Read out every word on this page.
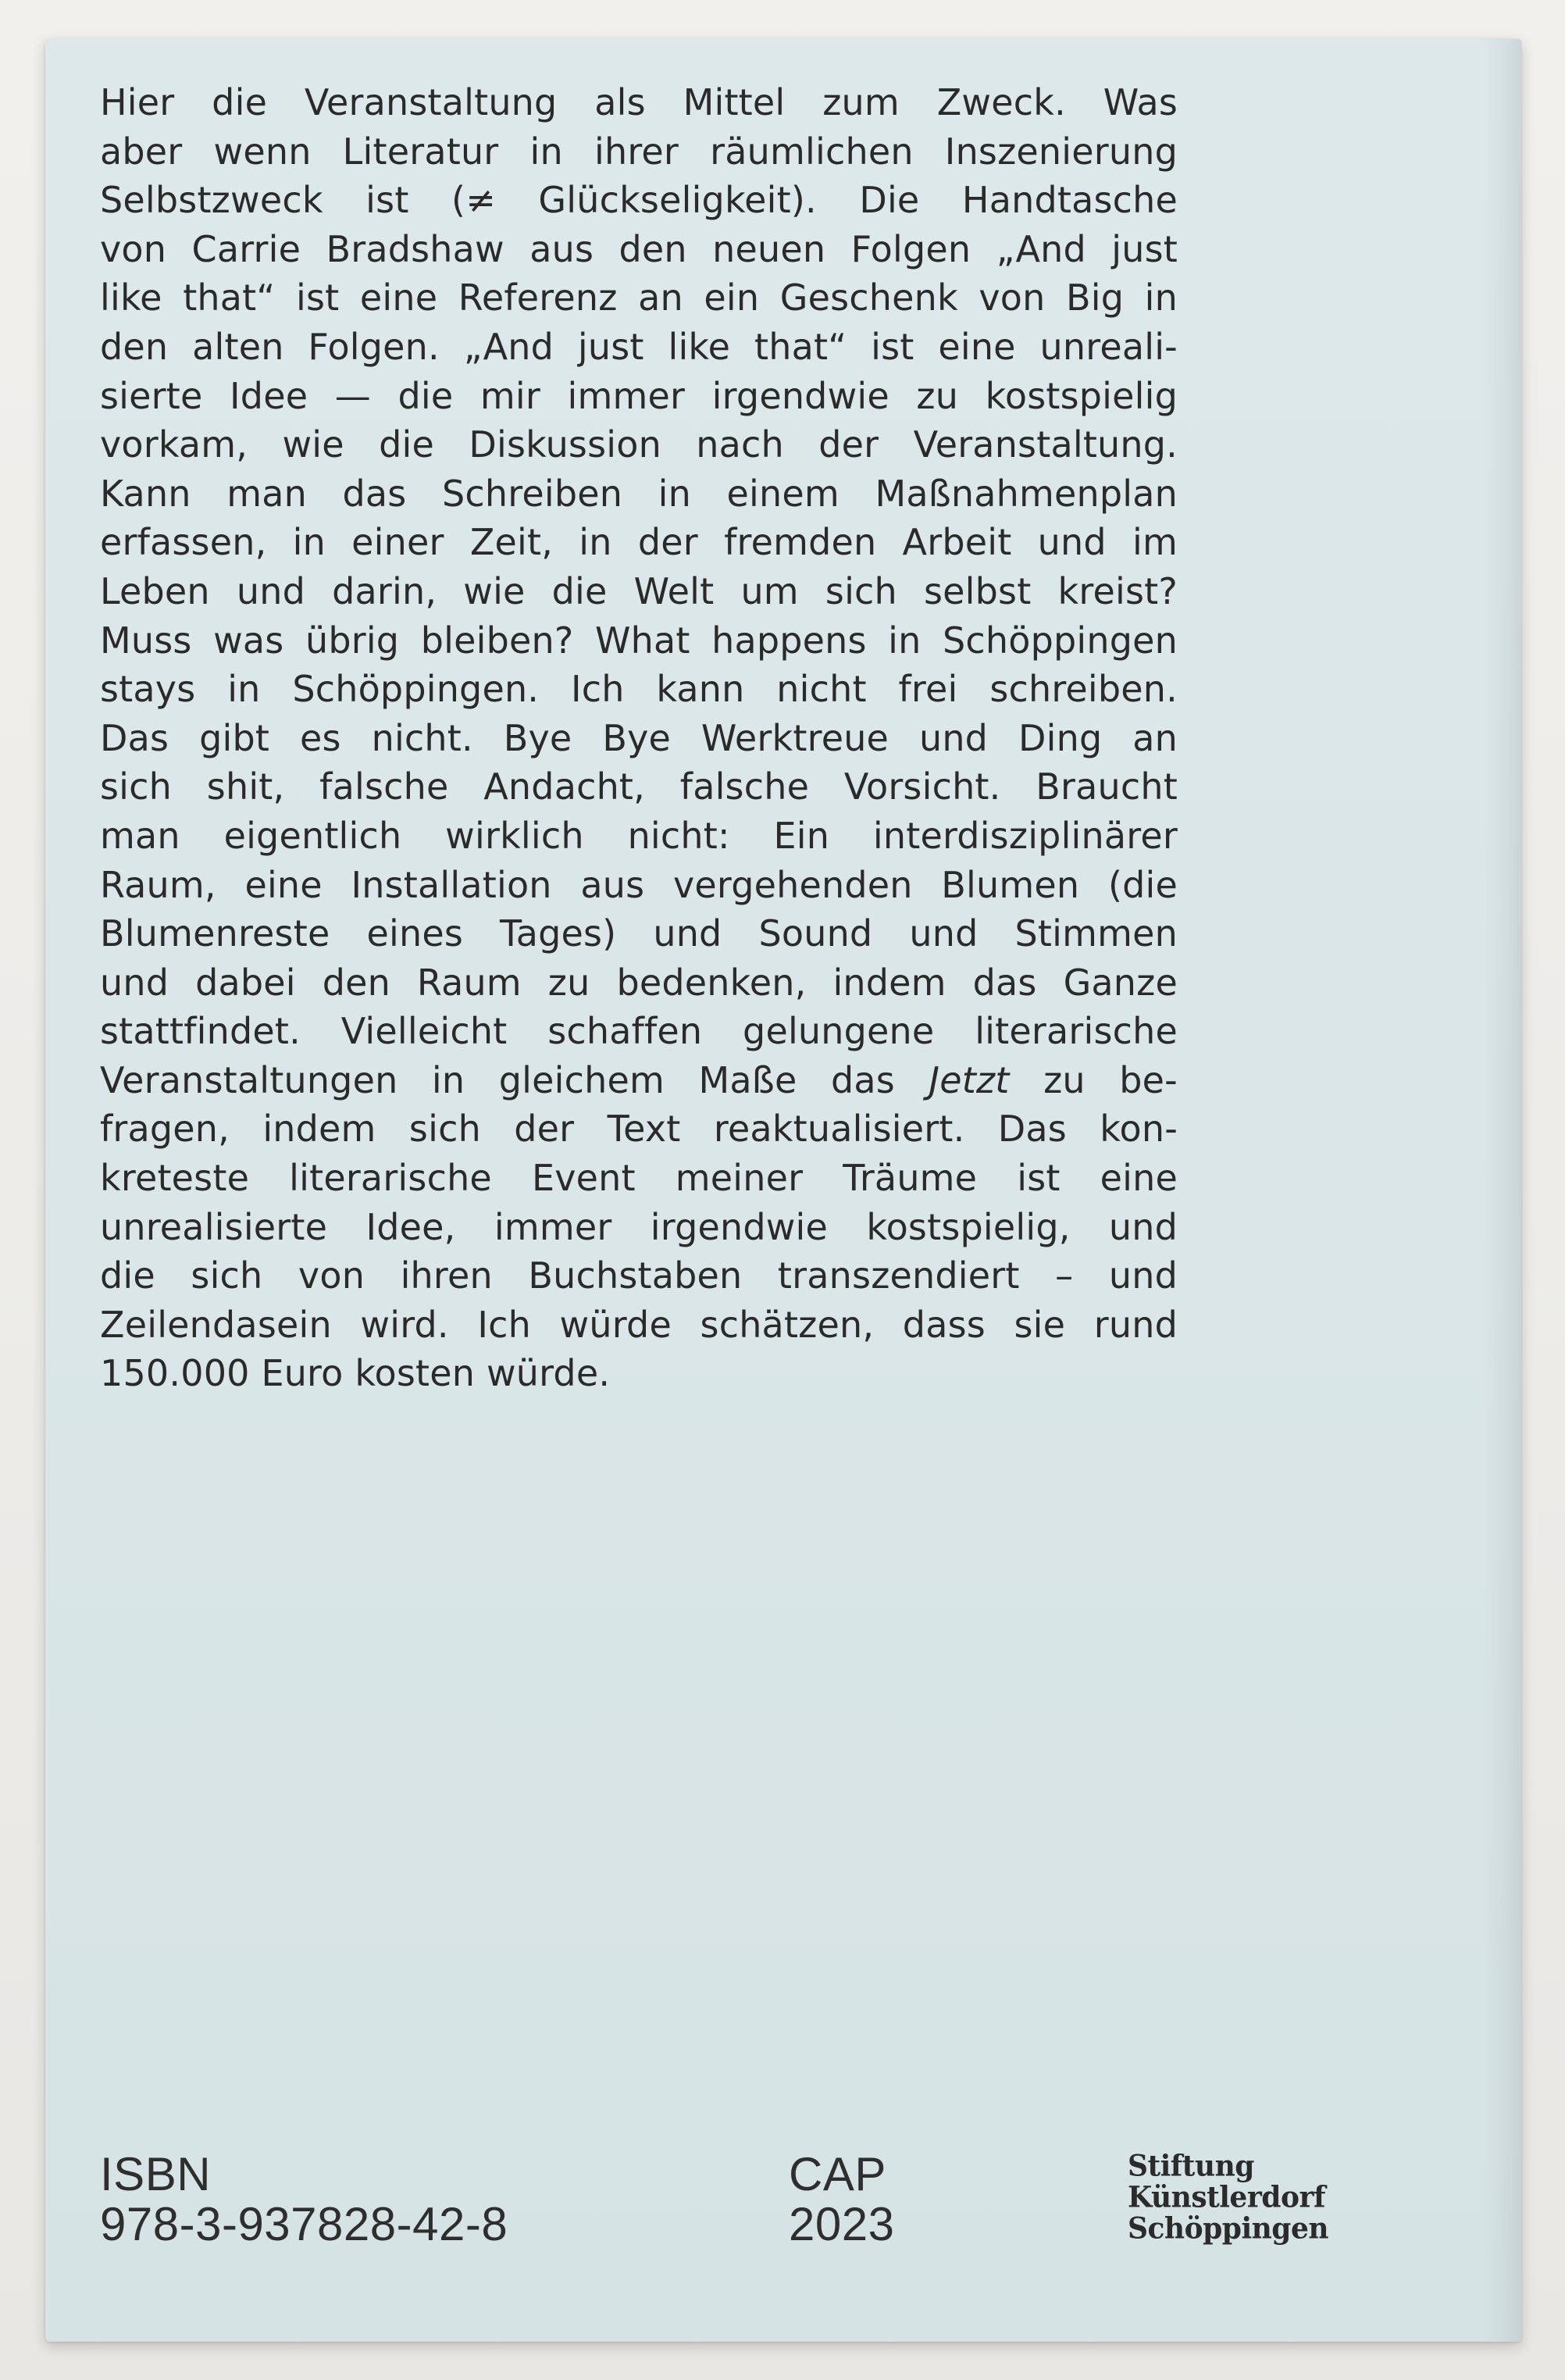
Hier die Veranstaltung als Mittel zum Zweck. Was
aber wenn Literatur in ihrer räumlichen Inszenierung
Selbstzweck ist (≠ Glückseligkeit). Die Handtasche
von Carrie Bradshaw aus den neuen Folgen „And just
like that“ ist eine Referenz an ein Geschenk von Big in
den alten Folgen. „And just like that“ ist eine unreali-
sierte Idee — die mir immer irgendwie zu kostspielig
vorkam, wie die Diskussion nach der Veranstaltung.
Kann man das Schreiben in einem Maßnahmenplan
erfassen, in einer Zeit, in der fremden Arbeit und im
Leben und darin, wie die Welt um sich selbst kreist?
Muss was übrig bleiben? What happens in Schöppingen
stays in Schöppingen. Ich kann nicht frei schreiben.
Das gibt es nicht. Bye Bye Werktreue und Ding an
sich shit, falsche Andacht, falsche Vorsicht. Braucht
man eigentlich wirklich nicht: Ein interdisziplinärer
Raum, eine Installation aus vergehenden Blumen (die
Blumenreste eines Tages) und Sound und Stimmen
und dabei den Raum zu bedenken, indem das Ganze
stattfindet. Vielleicht schaffen gelungene literarische
Veranstaltungen in gleichem Maße das Jetzt zu be-
fragen, indem sich der Text reaktualisiert. Das kon-
kreteste literarische Event meiner Träume ist eine
unrealisierte Idee, immer irgendwie kostspielig, und
die sich von ihren Buchstaben transzendiert – und
Zeilendasein wird. Ich würde schätzen, dass sie rund
150.000 Euro kosten würde.

ISBN
978-3-937828-42-8
CAP
2023
Stiftung
Künstlerdorf
Schöppingen
